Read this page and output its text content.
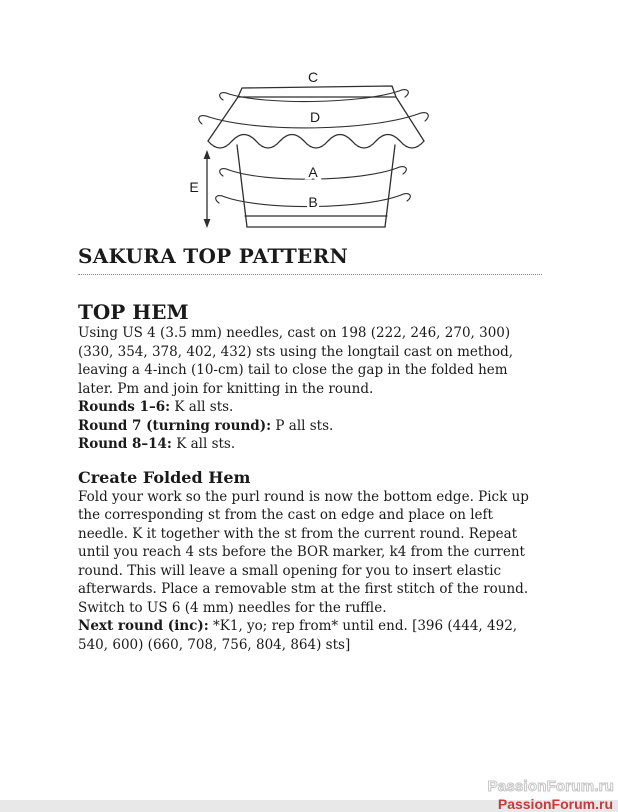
C
D
A
B
E
SAKURA TOP PATTERN
TOP HEM

Using US 4 (3.5 mm) needles, cast on 198 (222, 246, 270, 300) (330, 354, 378, 402, 432) sts using the longtail cast on method, leaving a 4-inch (10-cm) tail to close the gap in the folded hem later. Pm and join for knitting in the round.

Rounds 1–6: K all sts.

Round 7 (turning round): P all sts.

Round 8–14: K all sts.

Create Folded Hem

Fold your work so the purl round is now the bottom edge. Pick up the corresponding st from the cast on edge and place on left needle. K it together with the st from the current round. Repeat until you reach 4 sts before the BOR marker, k4 from the current round. This will leave a small opening for you to insert elastic afterwards. Place a removable stm at the first stitch of the round.

Switch to US 6 (4 mm) needles for the ruffle.

Next round (inc): *K1, yo; rep from* until end. [396 (444, 492, 540, 600) (660, 708, 756, 804, 864) sts]

PassionForum.ru
PassionForum.ru
